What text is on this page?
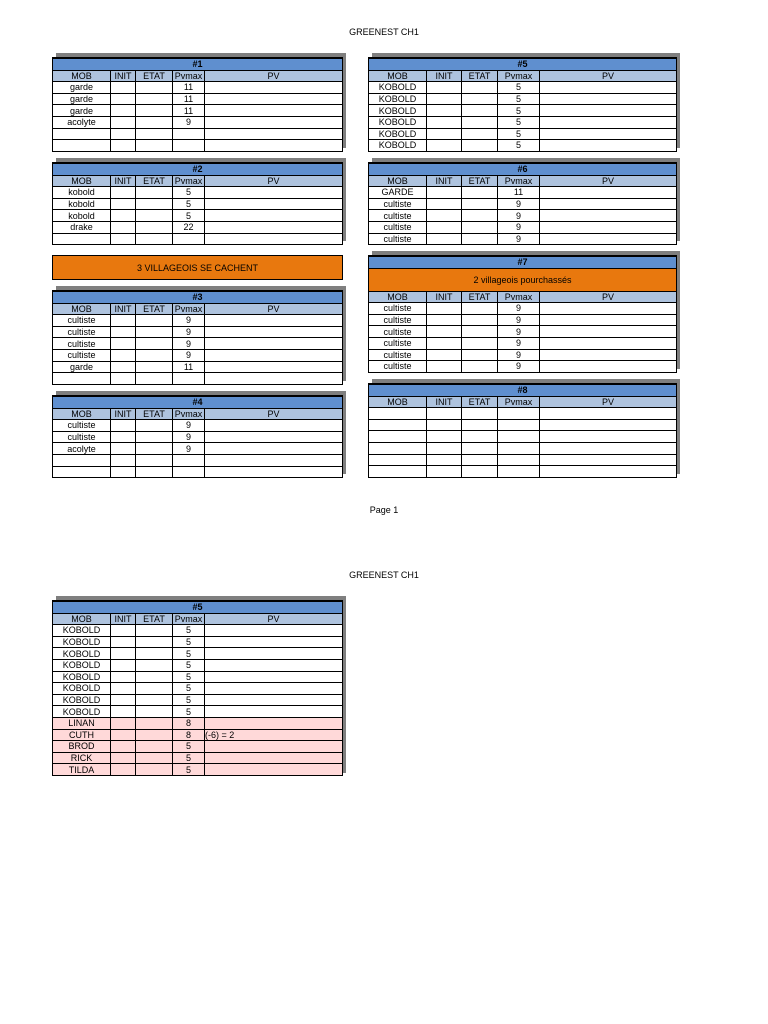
GREENEST CH1
#1				
MOB	INIT	ETAT	Pvmax	PV
garde			11	
garde			11	
garde			11	
acolyte			9	

#5				
MOB	INIT	ETAT	Pvmax	PV
KOBOLD			5	
KOBOLD			5	
KOBOLD			5	
KOBOLD			5	
KOBOLD			5	
KOBOLD			5	
#2				
MOB	INIT	ETAT	Pvmax	PV
kobold			5	
kobold			5	
kobold			5	
drake			22	

#6				
MOB	INIT	ETAT	Pvmax	PV
GARDE			11	
cultiste			9	
cultiste			9	
cultiste			9	
cultiste			9	
3 VILLAGEOIS SE CACHENT
#7				
2 villageois pourchassés				
MOB	INIT	ETAT	Pvmax	PV
cultiste			9	
cultiste			9	
cultiste			9	
cultiste			9	
cultiste			9	
cultiste			9	
#3				
MOB	INIT	ETAT	Pvmax	PV
cultiste			9	
cultiste			9	
cultiste			9	
cultiste			9	
garde			11	

#4				
MOB	INIT	ETAT	Pvmax	PV
cultiste			9	
cultiste			9	
acolyte			9	

#8				
MOB	INIT	ETAT	Pvmax	PV

Page 1
GREENEST CH1
#5				
MOB	INIT	ETAT	Pvmax	PV
KOBOLD			5	
KOBOLD			5	
KOBOLD			5	
KOBOLD			5	
KOBOLD			5	
KOBOLD			5	
KOBOLD			5	
KOBOLD			5	
LINAN			8	
CUTH			8	(-6) = 2
BROD			5	
RICK			5	
TILDA			5	
